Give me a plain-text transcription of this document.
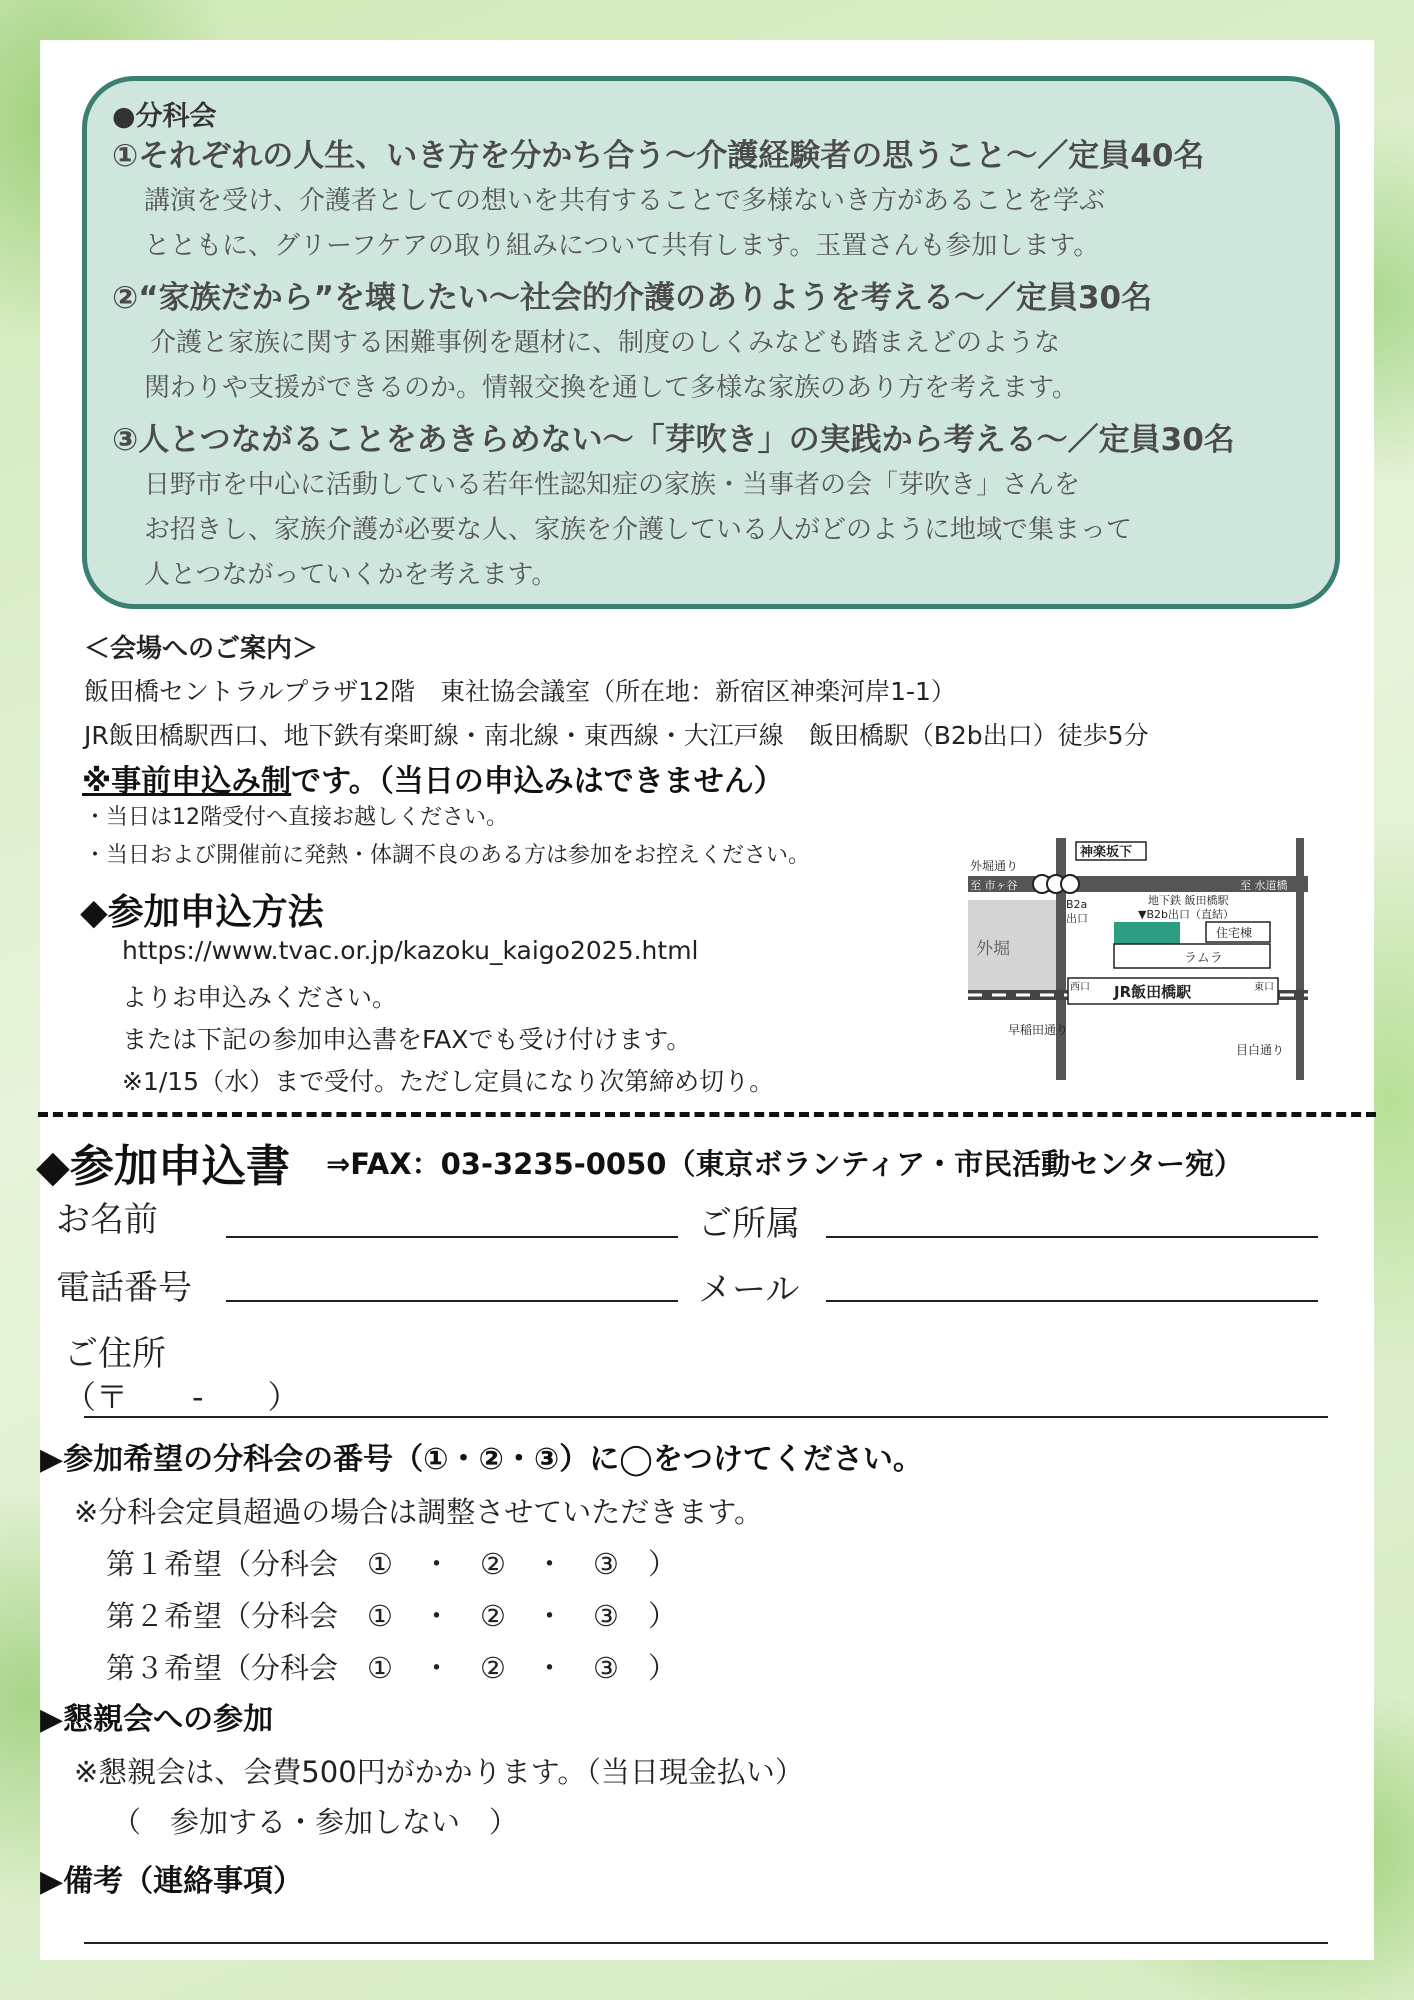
●分科会
①それぞれの人生、いき方を分かち合う～介護経験者の思うこと～／定員40名
講演を受け、介護者としての想いを共有することで多様ないき方があることを学ぶ
とともに、グリーフケアの取り組みについて共有します。玉置さんも参加します。
②“家族だから”を壊したい～社会的介護のありようを考える～／定員30名
介護と家族に関する困難事例を題材に、制度のしくみなども踏まえどのような
関わりや支援ができるのか。情報交換を通して多様な家族のあり方を考えます。
③人とつながることをあきらめない～「芽吹き」の実践から考える～／定員30名
日野市を中心に活動している若年性認知症の家族・当事者の会「芽吹き」さんを
お招きし、家族介護が必要な人、家族を介護している人がどのように地域で集まって
人とつながっていくかを考えます。
＜会場へのご案内＞
飯田橋セントラルプラザ12階　東社協会議室（所在地：新宿区神楽河岸1-1）
JR飯田橋駅西口、地下鉄有楽町線・南北線・東西線・大江戸線　飯田橋駅（B2b出口）徒歩5分
※事前申込み制です。（当日の申込みはできません）
・当日は12階受付へ直接お越しください。
・当日および開催前に発熱・体調不良のある方は参加をお控えください。
◆参加申込方法
https://www.tvac.or.jp/kazoku_kaigo2025.html
よりお申込みください。
または下記の参加申込書をFAXでも受け付けます。
※1/15（水）まで受付。ただし定員になり次第締め切り。
外堀
神楽坂下
外堀通り
至 市ヶ谷	至 水道橋
B2a
出口
地下鉄 飯田橋駅
▼B2b出口（直結）
住宅棟
ラムラ
西口 JR飯田橋駅	東口
早稲田通り
目白通り
◆参加申込書 ⇒FAX：03-3235-0050（東京ボランティア・市民活動センター宛）
お名前	ご所属
電話番号	メール
ご住所
（〒　　-　　）
▶参加希望の分科会の番号（①・②・③）に◯をつけてください。
※分科会定員超過の場合は調整させていただきます。
第１希望（分科会　①　・　②　・　③　）
第２希望（分科会　①　・　②　・　③　）
第３希望（分科会　①　・　②　・　③　）
▶懇親会への参加
※懇親会は、会費500円がかかります。（当日現金払い）
（　参加する・参加しない　）
▶備考（連絡事項）
